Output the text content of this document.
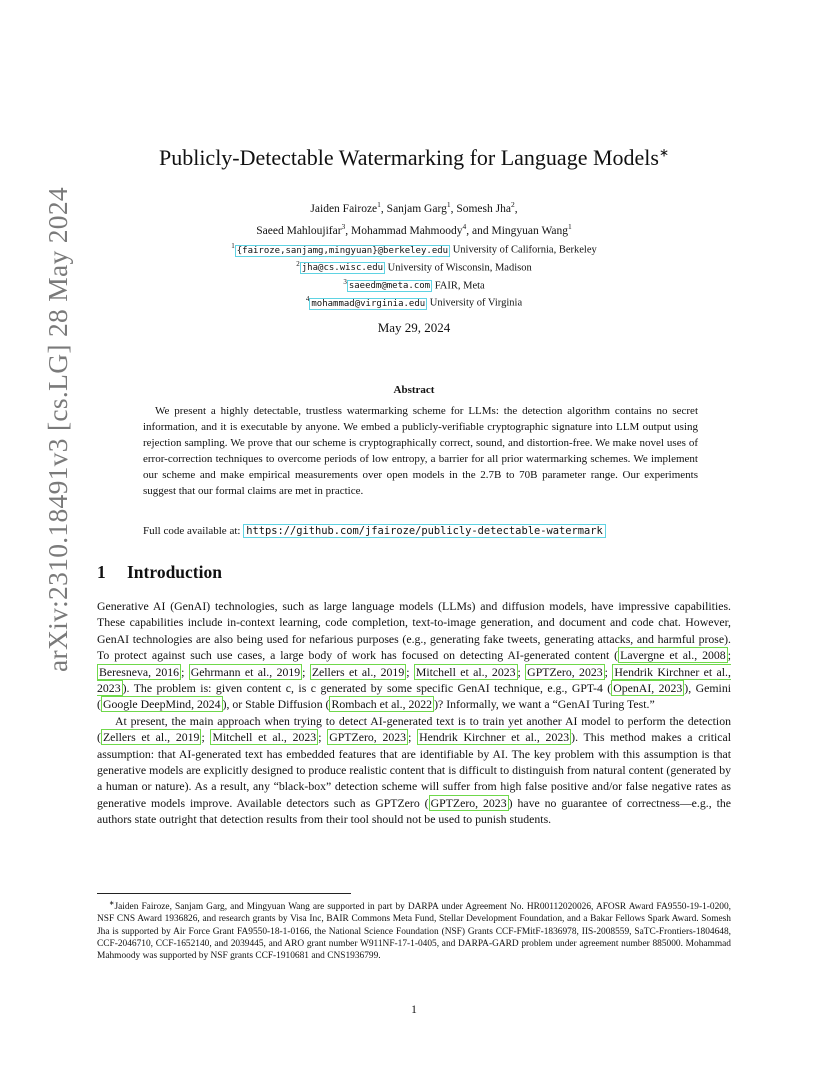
arXiv:2310.18491v3 [cs.LG] 28 May 2024
Publicly-Detectable Watermarking for Language Models∗
Jaiden Fairoze$^1$, Sanjam Garg$^1$, Somesh Jha$^2$,
Saeed Mahloujifar$^3$, Mohammad Mahmoody$^4$, and Mingyuan Wang$^1$
$^1$ {fairoze,sanjamg,mingyuan}@berkeley.edu University of California, Berkeley
$^2$ jha@cs.wisc.edu University of Wisconsin, Madison
$^3$ saeedm@meta.com FAIR, Meta
$^4$ mohammad@virginia.edu University of Virginia
May 29, 2024
Abstract
We present a highly detectable, trustless watermarking scheme for LLMs: the detection algorithm contains no secret information, and it is executable by anyone. We embed a publicly-verifiable cryptographic signature into LLM output using rejection sampling. We prove that our scheme is cryptographically correct, sound, and distortion-free. We make novel uses of error-correction techniques to overcome periods of low entropy, a barrier for all prior watermarking schemes. We implement our scheme and make empirical measurements over open models in the 2.7B to 70B parameter range. Our experiments suggest that our formal claims are met in practice.
Full code available at: https://github.com/jfairoze/publicly-detectable-watermark
1 Introduction

Generative AI (GenAI) technologies, such as large language models (LLMs) and diffusion models, have impressive capabilities. These capabilities include in-context learning, code completion, text-to-image generation, and document and code chat. However, GenAI technologies are also being used for nefarious purposes (e.g., generating fake tweets, generating attacks, and harmful prose). To protect against such use cases, a large body of work has focused on detecting AI-generated content ( Lavergne et al., 2008 ; Beresneva, 2016 ; Gehrmann et al., 2019 ; Zellers et al., 2019 ; Mitchell et al., 2023 ; GPTZero, 2023 ; Hendrik Kirchner et al., 2023 ). The problem is: given content c, is c generated by some specific GenAI technique, e.g., GPT-4 ( OpenAI, 2023 ), Gemini ( Google DeepMind, 2024 ), or Stable Diffusion ( Rombach et al., 2022 )? Informally, we want a “GenAI Turing Test.”

At present, the main approach when trying to detect AI-generated text is to train yet another AI model to perform the detection ( Zellers et al., 2019 ; Mitchell et al., 2023 ; GPTZero, 2023 ; Hendrik Kirchner et al., 2023 ). This method makes a critical assumption: that AI-generated text has embedded features that are identifiable by AI. The key problem with this assumption is that generative models are explicitly designed to produce realistic content that is difficult to distinguish from natural content (generated by a human or nature). As a result, any “black-box” detection scheme will suffer from high false positive and/or false negative rates as generative models improve. Available detectors such as GPTZero ( GPTZero, 2023 ) have no guarantee of correctness—e.g., the authors state outright that detection results from their tool should not be used to punish students.

∗Jaiden Fairoze, Sanjam Garg, and Mingyuan Wang are supported in part by DARPA under Agreement No. HR00112020026, AFOSR Award FA9550-19-1-0200, NSF CNS Award 1936826, and research grants by Visa Inc, BAIR Commons Meta Fund, Stellar Development Foundation, and a Bakar Fellows Spark Award. Somesh Jha is supported by Air Force Grant FA9550-18-1-0166, the National Science Foundation (NSF) Grants CCF-FMitF-1836978, IIS-2008559, SaTC-Frontiers-1804648, CCF-2046710, CCF-1652140, and 2039445, and ARO grant number W911NF-17-1-0405, and DARPA-GARD problem under agreement number 885000. Mohammad Mahmoody was supported by NSF grants CCF-1910681 and CNS1936799.
1
